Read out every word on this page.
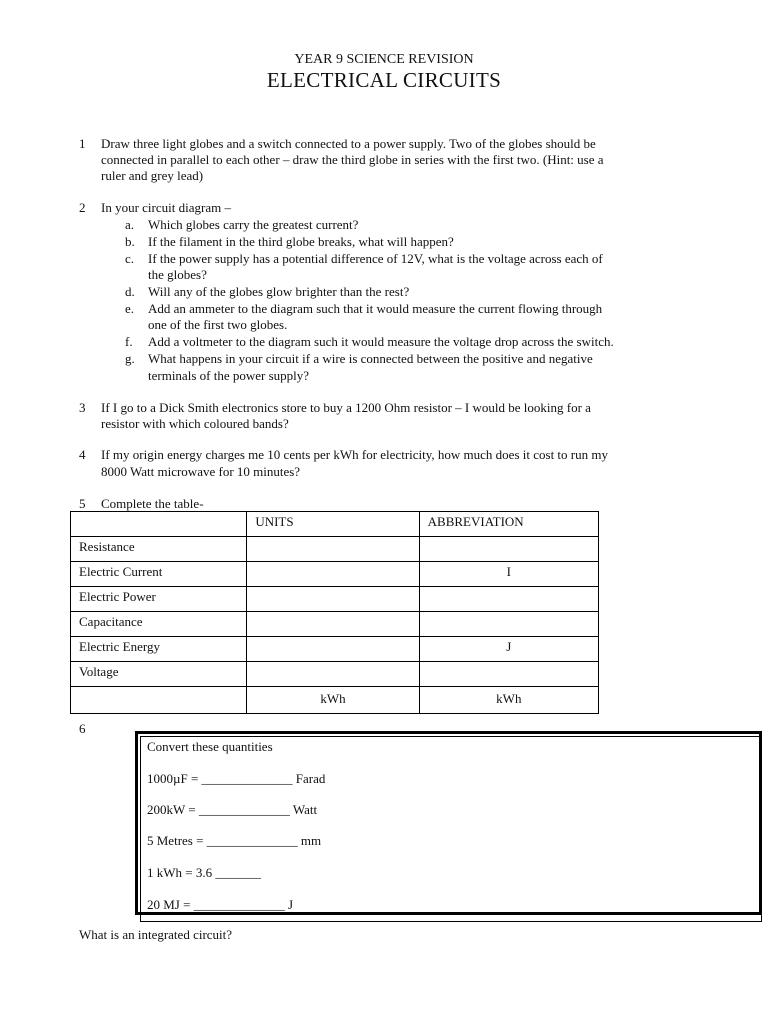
YEAR 9 SCIENCE REVISION
ELECTRICAL CIRCUITS
1 Draw three light globes and a switch connected to a power supply. Two of the globes should be
connected in parallel to each other – draw the third globe in series with the first two. (Hint: use a
ruler and grey lead)
2 In your circuit diagram –
a. Which globes carry the greatest current?
b. If the filament in the third globe breaks, what will happen?
c. If the power supply has a potential difference of 12V, what is the voltage across each of
the globes?
d. Will any of the globes glow brighter than the rest?
e. Add an ammeter to the diagram such that it would measure the current flowing through
one of the first two globes.
f. Add a voltmeter to the diagram such it would measure the voltage drop across the switch.
g. What happens in your circuit if a wire is connected between the positive and negative
terminals of the power supply?
3 If I go to a Dick Smith electronics store to buy a 1200 Ohm resistor – I would be looking for a
resistor with which coloured bands?
4 If my origin energy charges me 10 cents per kWh for electricity, how much does it cost to run my
8000 Watt microwave for 10 minutes?
5 Complete the table-
	UNITS	ABBREVIATION
Resistance		
Electric Current		I
Electric Power		
Capacitance		
Electric Energy		J
Voltage		
	kWh	kWh
6
Convert these quantities
1000µF = ______________ Farad
200kW = ______________ Watt
5 Metres = ______________ mm
1 kWh = 3.6 _______
20 MJ = ______________ J
What is an integrated circuit?
